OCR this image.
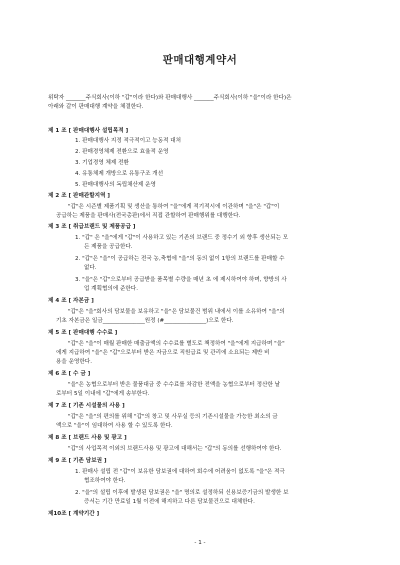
판매대행계약서
위탁자 _______주식회사(이하 "갑"이라 한다)와 판매대행사 _______주식회사(이하 "을"이라 한다)은
아래와 같이 판매대행 계약을 체결한다.
제 1 조 [ 판매대행사 설립목적 ]
1. 판매대행사 지정 적극적이고 능동적 대처
2. 판매경영체제 전환으로 효율적 운영
3. 기업경영 체제 전환
4. 유통체제 개방으로 유통구조 개선
5. 판매대행사의 독립채산제 운영
제 2 조 [ 판매관할지역 ]
"갑"은 시즌별 제품기획 및 생산을 통하여 "을"에게 적기적시에 이관하며 "을"은 "갑"이
공급하는 제품을 판매사(전국총판)에서 직접 관할하여 판매행위를 대행한다.
제 3 조 [ 취급브랜드 및 제품공급 ]
1. "갑" 은 "을"에게 "갑"이 사용하고 있는 기존의 브랜드 중 정수기 외 향후 생산되는 모
든 제품을 공급한다.
2. "갑"은 "을"이 공급하는 전국 농,축협에 "을"의 동의 없이 1항의 브랜드를 판매할 수
없다.
3. "을"은 "갑"으로부터 공급받을 품목별 수량을 매년 초 에 제시하여야 하며, 향방의 사
업 계획협의에 준한다.
제 4 조 [ 자본금 ]
"갑"은 "을"회사의 담보물을 보유하고 "을"은 담보물건 범위 내에서 이를 소유하여 "을"의
기초 자본금은 일금_______________원정 (#_______________)으로 한다.
제 5 조 [ 판매대행 수수료 ]
"갑"은 "을"이 매월 판매한 매출금액의 수수료를 별도로 책정하여 "을"에게 지급하며 "을"
에게 지급하여 "을"은 "갑"으로부터 받은 자금으로 직원급료 및 관리에 소요되는 제반 비
용을 운영한다.
제 6 조 [ 수 금 ]
"을"은 농협으로부터 받은 물품대금 중 수수료를 차감한 전액을 농협으로부터 정산한 날
로부터 5일 이내에 "갑"에게 송부한다.
제 7 조 [ 기존 시설물의 사용 ]
"갑"은 "을"의 편의를 위해 "갑"의 창고 및 사무실 등의 기존시설물을 가능한 최소의 금
액으로 "을"이 임대하여 사용 할 수 있도록 한다.
제 8 조 [ 브랜드 사용 및 광고 ]
"갑"의 사업목적 이외의 브랜드사용 및 광고에 대해서는 "갑"의 동의를 선행하여야 한다.
제 9 조 [ 기존 담보권 ]
1. 판매사 설립 전 "갑"이 보유한 담보권에 대하여 회수에 어려움이 없도록 "을"은 적극
협조하여야 한다.
2. "을"의 설립 이후에 발생된 담보권은 "을" 명의로 설정하되 신용보증기금의 발생한 보
증서는 기간 만료일 1월 이전에 해지하고 다른 담보물건으로 대체한다.
제10조 [ 계약기간 ]
- 1 -
